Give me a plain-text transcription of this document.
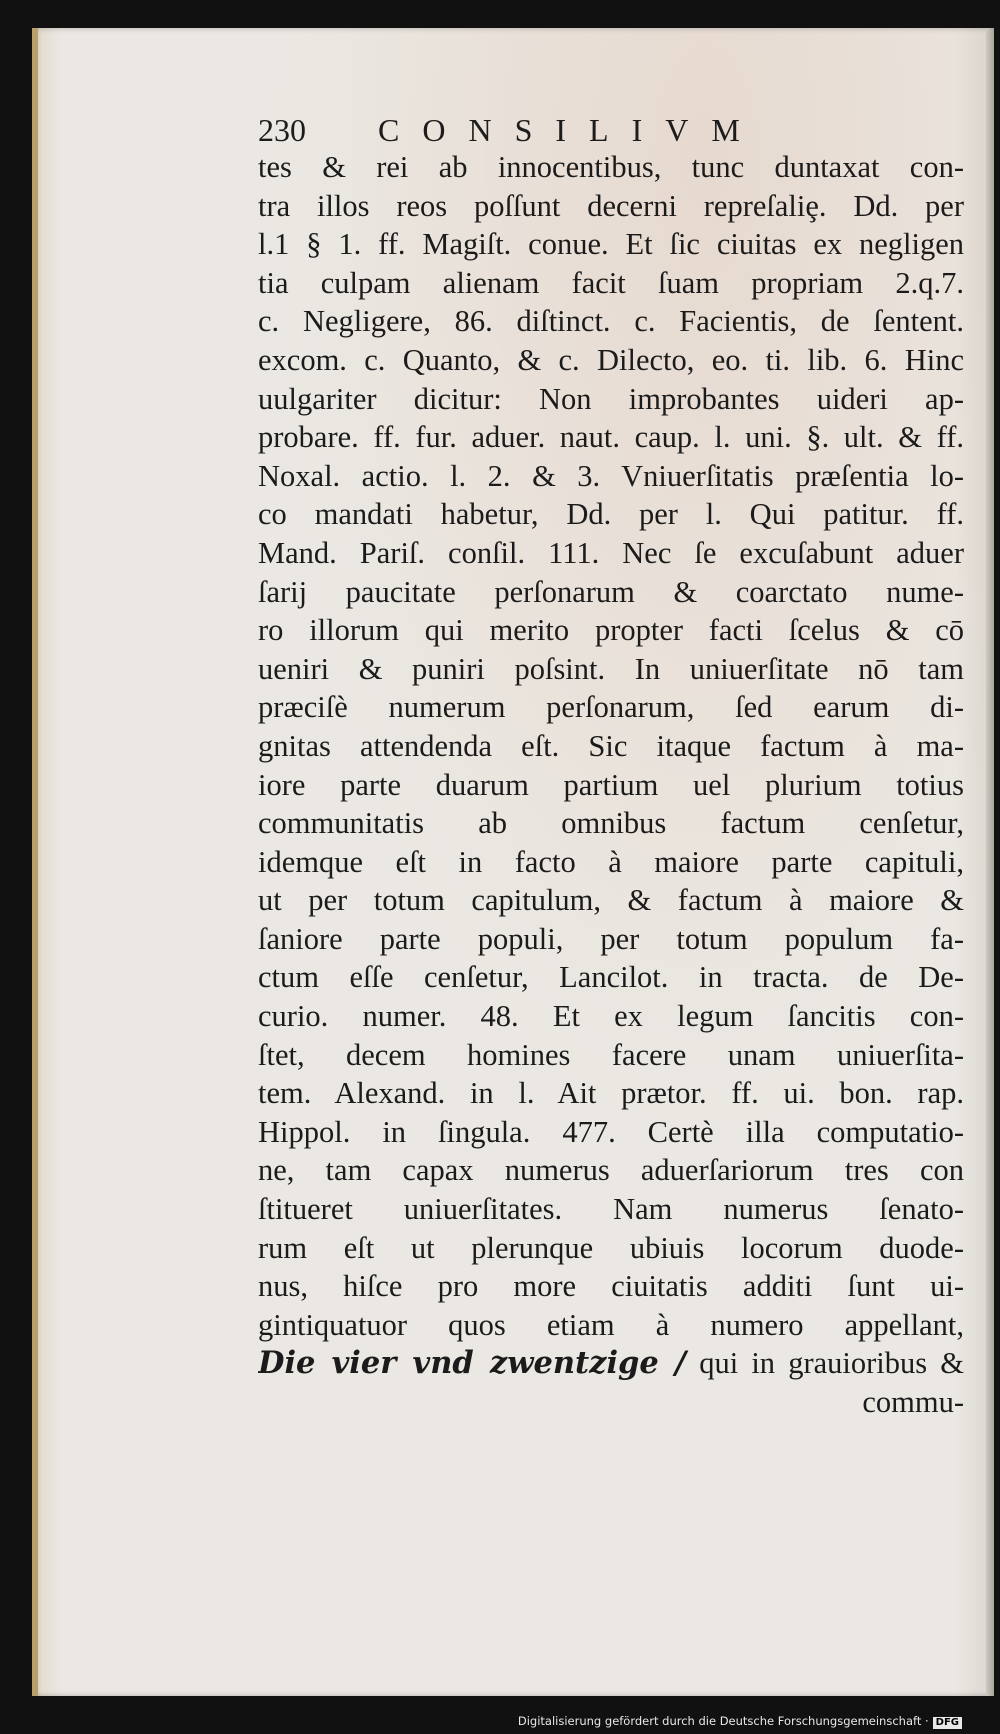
230 CONSILIVM
tes & rei ab innocentibus, tunc duntaxat con-
tra illos reos poſſunt decerni repreſaliȩ. Dd. per
l.1 § 1. ff. Magiſt. conue. Et ſic ciuitas ex negligen
tia culpam alienam facit ſuam propriam 2.q.7.
c. Negligere, 86. diſtinct. c. Facientis, de ſentent.
excom. c. Quanto, & c. Dilecto, eo. ti. lib. 6. Hinc
uulgariter dicitur: Non improbantes uideri ap-
probare. ff. fur. aduer. naut. caup. l. uni. §. ult. & ff.
Noxal. actio. l. 2. & 3. Vniuerſitatis præſentia lo-
co mandati habetur, Dd. per l. Qui patitur. ff.
Mand. Pariſ. conſil. 111. Nec ſe excuſabunt aduer
ſarij paucitate perſonarum & coarctato nume-
ro illorum qui merito propter facti ſcelus & cō
ueniri & puniri poſsint. In uniuerſitate nō tam
præciſè numerum perſonarum, ſed earum di-
gnitas attendenda eſt. Sic itaque factum à ma-
iore parte duarum partium uel plurium totius
communitatis ab omnibus factum cenſetur,
idemque eſt in facto à maiore parte capituli,
ut per totum capitulum, & factum à maiore &
ſaniore parte populi, per totum populum fa-
ctum eſſe cenſetur, Lancilot. in tracta. de De-
curio. numer. 48. Et ex legum ſancitis con-
ſtet, decem homines facere unam uniuerſita-
tem. Alexand. in l. Ait prætor. ff. ui. bon. rap.
Hippol. in ſingula. 477. Certè illa computatio-
ne, tam capax numerus aduerſariorum tres con
ſtitueret uniuerſitates. Nam numerus ſenato-
rum eſt ut plerunque ubiuis locorum duode-
nus, hiſce pro more ciuitatis additi ſunt ui-
gintiquatuor quos etiam à numero appellant,
Die vier vnd zwentzige / qui in grauioribus &
commu-
Digitalisierung gefördert durch die Deutsche Forschungsgemeinschaft · DFG
